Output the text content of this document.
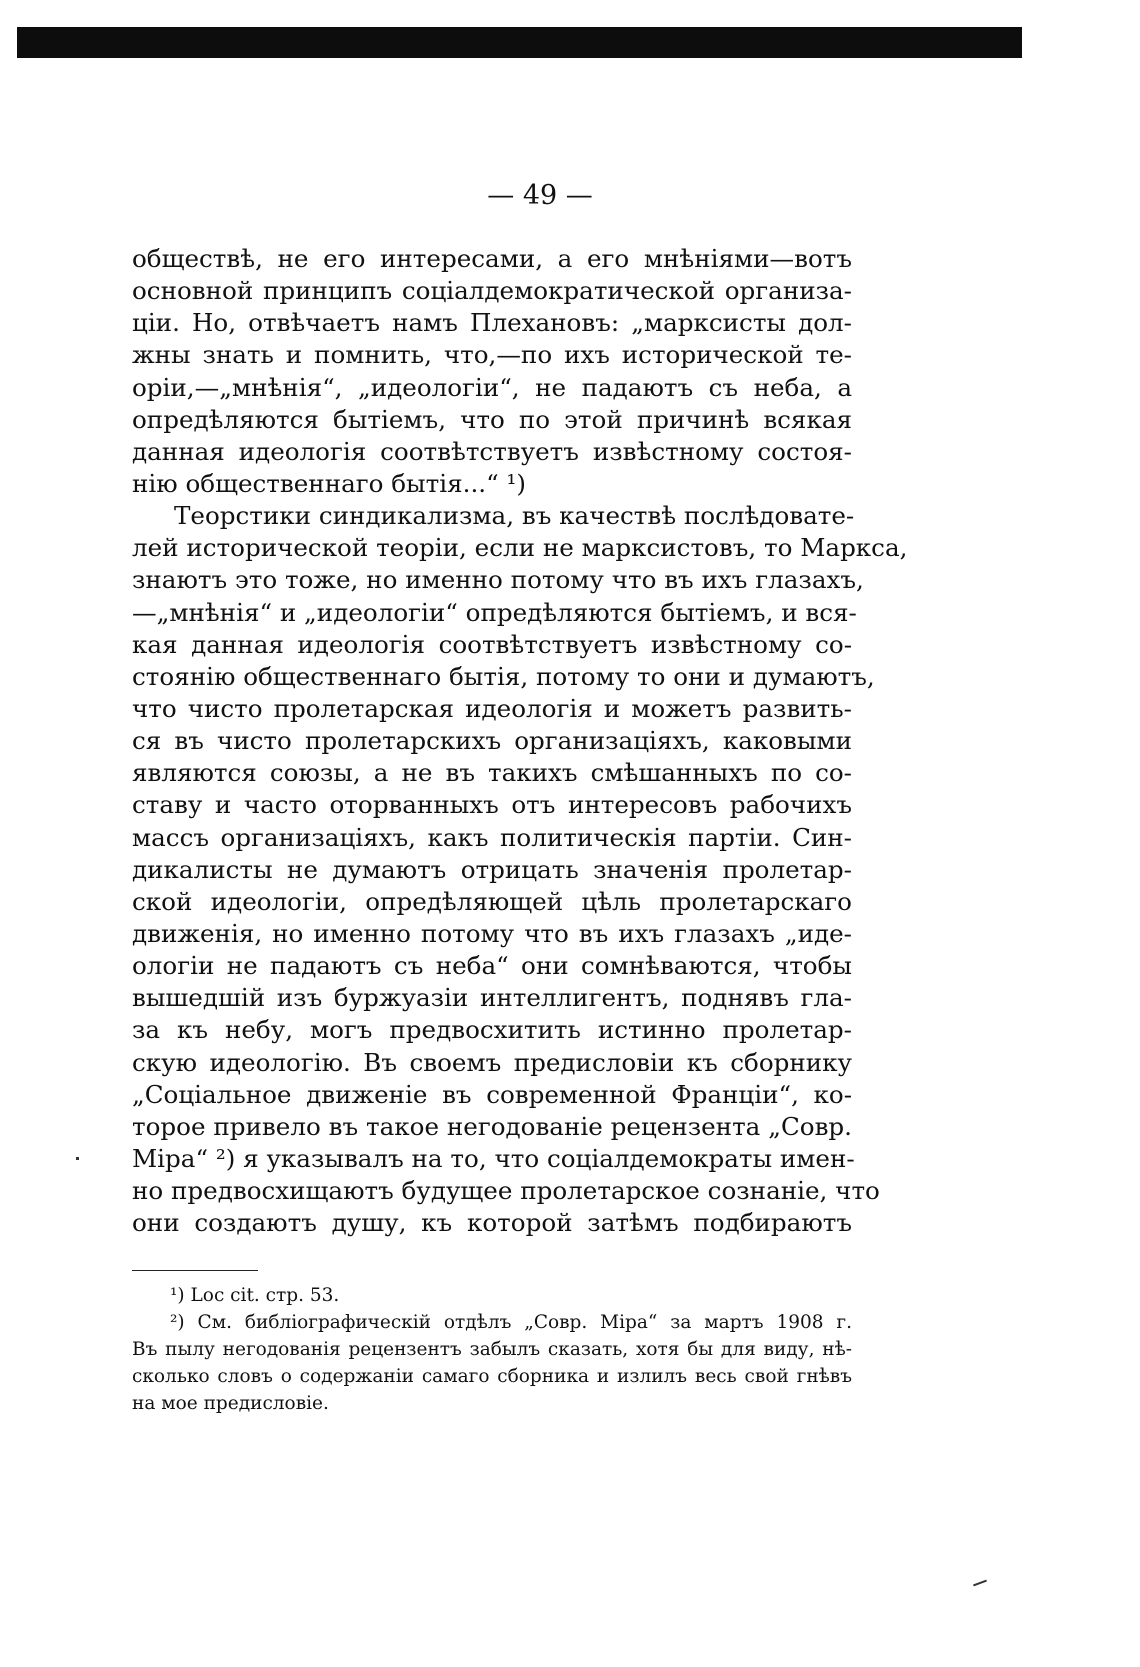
— 49 —
обществѣ, не его интересами, а его мнѣніями—вотъ
основной принципъ соціалдемократической организа-
ціи. Но, отвѣчаетъ намъ Плехановъ: „марксисты дол-
жны знать и помнить, что,—по ихъ исторической те-
оріи,—„мнѣнія“, „идеологіи“, не падаютъ съ неба, а
опредѣляются бытіемъ, что по этой причинѣ всякая
данная идеологія соотвѣтствуетъ извѣстному состоя-
нію общественнаго бытія...“ ¹)
Теорстики синдикализма, въ качествѣ послѣдовате-
лей исторической теоріи, если не марксистовъ, то Маркса,
знаютъ это тоже, но именно потому что въ ихъ глазахъ,
—„мнѣнія“ и „идеологіи“ опредѣляются бытіемъ, и вся-
кая данная идеологія соотвѣтствуетъ извѣстному со-
стоянію общественнаго бытія, потому то они и думаютъ,
что чисто пролетарская идеологія и можетъ развить-
ся въ чисто пролетарскихъ организаціяхъ, каковыми
являются союзы, а не въ такихъ смѣшанныхъ по со-
ставу и часто оторванныхъ отъ интересовъ рабочихъ
массъ организаціяхъ, какъ политическія партіи. Син-
дикалисты не думаютъ отрицать значенія пролетар-
ской идеологіи, опредѣляющей цѣль пролетарскаго
движенія, но именно потому что въ ихъ глазахъ „иде-
ологіи не падаютъ съ неба“ они сомнѣваются, чтобы
вышедшій изъ буржуазіи интеллигентъ, поднявъ гла-
за къ небу, могъ предвосхитить истинно пролетар-
скую идеологію. Въ своемъ предисловіи къ сборнику
„Соціальное движеніе въ современной Франціи“, ко-
торое привело въ такое негодованіе рецензента „Совр.
Міра“ ²) я указывалъ на то, что соціалдемократы имен-
но предвосхищаютъ будущее пролетарское сознаніе, что
они создаютъ душу, къ которой затѣмъ подбираютъ
¹) Loc cit. стр. 53.
²) См. библіографическій отдѣлъ „Совр. Міра“ за мартъ 1908 г.
Въ пылу негодованія рецензентъ забылъ сказать, хотя бы для виду, нѣ-
сколько словъ о содержаніи самаго сборника и излилъ весь свой гнѣвъ
на мое предисловіе.
